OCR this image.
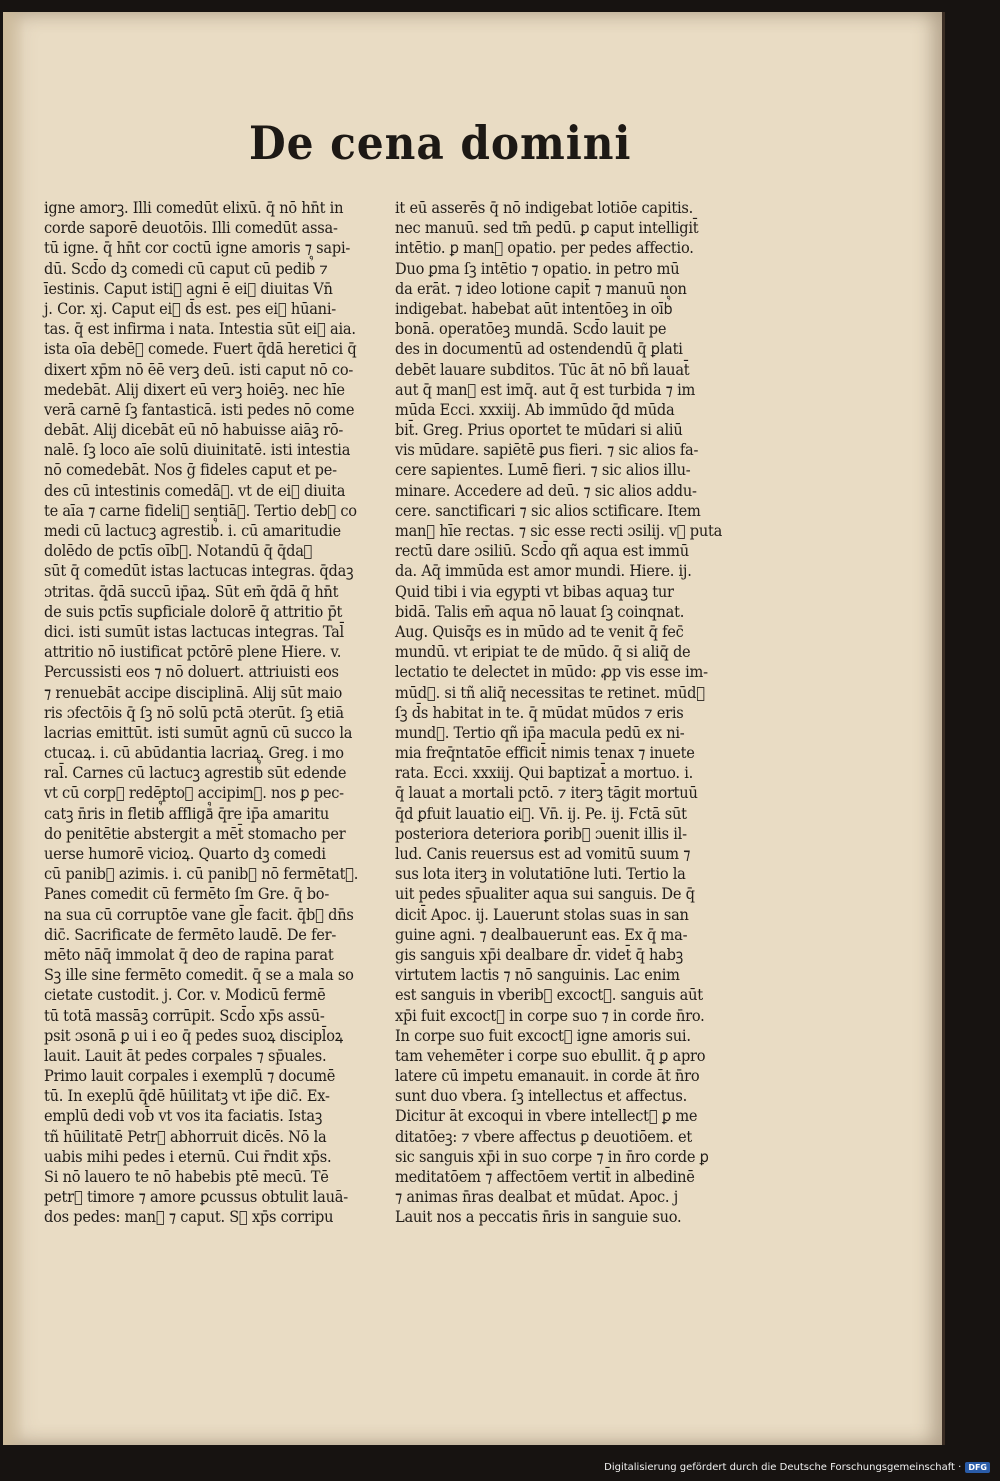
De cena domini
igne amorꝫ. Illi comedūt elixū. q̄ nō hn̄t in
corde saporē deuotōis. Illi comedūt assa-
tū igne. q̄ hn̄t cor coctū igne amoris ⁊ sapi-
dū. Scd̄o dꝫ comedi cū caput cū pedib᷒ ⁊
īestinis. Caput isti᷒ agni ē ei᷒ diuitas Vn̄
j. Cor. xj. Caput ei᷒ d̄s est. pes ei᷒ hūani-
tas. q̄ est infirma i nata. Intestia sūt ei᷒ aia.
ista oīa debē᷒ comede. Fuert q̄dā heretici q̄
dixert xp̄m nō ēē verꝫ deū. isti caput nō co-
medebāt. Alij dixert eū verꝫ hoiēꝫ. nec hīe
verā carnē ſꝫ fantasticā. isti pedes nō come
debāt. Alij dicebāt eū nō habuisse aiāꝫ rō-
nalē. ſꝫ loco aīe solū diuinitatē. isti intestia
nō comedebāt. Nos ḡ fideles caput et pe-
des cū intestinis comedā᷒. vt de ei᷒ diuita
te aīa ⁊ carne fideli᷒ sentiā᷒. Tertio debꝫ co
medi cū lactucꝫ agrestib᷒. i. cū amaritudie
dolēdo de pctīs oīb᷒. Notandū q̄ q̄daꝫ
sūt q̄ comedūt istas lactucas integras. q̄daꝫ
ɔtritas. q̄dā succū ip̄aꝝ. Sūt em̄ q̄dā q̄ hn̄t
de suis pctīs suꝑficiale dolorē q̄ attritio p̄t
dici. isti sumūt istas lactucas integras. Tal̄
attritio nō iustificat pctōrē plene Hiere. v.
Percussisti eos ⁊ nō doluert. attriuisti eos
⁊ renuebāt accipe disciplinā. Alij sūt maio
ris ɔfectōis q̄ ſꝫ nō solū pctā ɔterūt. ſꝫ etiā
lacrias emittūt. isti sumūt agnū cū succo la
ctucaꝝ. i. cū abūdantia lacriaꝝ. Greg. i mo
ral̄. Carnes cū lactucꝫ agrestib᷒ sūt edende
vt cū corp᷒ redēptoꝫ accipim᷒. nos ꝑ pec-
catꝫ n̄ris in fletib᷒ affligā᷒ q̄re ip̄a amaritu
do penitētie abstergit a mēt̄ stomacho per
uerse humorē vicioꝝ. Quarto dꝫ comedi
cū panib᷒ azimis. i. cū panib᷒ nō fermētatꝫ.
Panes comedit cū fermēto ſm Gre. q̄ bo-
na sua cū corruptōe vane gl̄e facit. q̄b᷒ dn̄s
dic̄. Sacrificate de fermēto laudē. De fer-
mēto nāq̄ immolat q̄ deo de rapina parat
Sꝫ ille sine fermēto comedit. q̄ se a mala so
cietate custodit. j. Cor. v. Modicū fermē
tū totā massāꝫ corrūpit. Scd̄o xp̄s assū-
psit ɔsonā ꝑ ui i eo q̄ pedes suoꝝ discipl̄oꝝ
lauit. Lauit āt pedes corpales ⁊ sp̄uales.
Primo lauit corpales i exemplū ⁊ documē
tū. In exeplū q̄dē hūilitatꝫ vt ip̄e dic̄. Ex-
emplū dedi vob̄ vt vos ita faciatis. Istaꝫ
tñ hūilitatē Petr᷒ abhorruit dicēs. Nō la
uabis mihi pedes i eternū. Cui r̄ndit xp̄s.
Si nō lauero te nō habebis ptē mecū. Tē
petr᷒ timore ⁊ amore ꝑcussus obtulit lauā-
dos pedes: man᷒ ⁊ caput. Sꝫ xp̄s corripu
it eū asserēs q̄ nō indigebat lotiōe capitis.
nec manuū. sed tm̄ pedū. ꝑ caput intelligit̄
intētio. ꝑ man᷒ opatio. per pedes affectio.
Duo ꝑma ſꝫ intētio ⁊ opatio. in petro mū
da erāt. ⁊ ideo lotione capit̄ ⁊ manuū non
indigebat. habebat aūt intentōeꝫ in oīb᷒
bonā. operatōeꝫ mundā. Scd̄o lauit pe
des in documentū ad ostendendū q̄ ꝑlati
debēt lauare subditos. Tūc āt nō bñ lauat̄
aut q̄ man᷒ est imq̄. aut q̄ est turbida ⁊ im
mūda Ecci. xxxiij. Ab immūdo q̄d mūda
bit̄. Greg. Prius oportet te mūdari si aliū
vis mūdare. sapiētē ꝑus fieri. ⁊ sic alios fa-
cere sapientes. Lumē fieri. ⁊ sic alios illu-
minare. Accedere ad deū. ⁊ sic alios addu-
cere. sanctificari ⁊ sic alios sctificare. Item
man᷒ hīe rectas. ⁊ sic esse recti ɔsilij. vꝫ puta
rectū dare ɔsiliū. Scd̄o qñ aqua est immū
da. Aq̄ immūda est amor mundi. Hiere. ij.
Quid tibi i via egypti vt bibas aquaꝫ tur
bidā. Talis em̄ aqua nō lauat ſꝫ coinqnat.
Aug. Quisq̄s es in mūdo ad te venit q̄ fec̄
mundū. vt eripiat te de mūdo. q̄ si aliq̄ de
lectatio te delectet in mūdo: ꝓp vis esse im-
mūd᷒. si tñ aliq̄ necessitas te retinet. mūd᷒
ſꝫ d̄s habitat in te. q̄ mūdat mūdos ⁊ eris
mund᷒. Tertio qñ ip̄a macula pedū ex ni-
mia freq̄ntatōe efficit̄ nimis tenax ⁊ inuete
rata. Ecci. xxxiij. Qui baptizat̄ a mortuo. i.
q̄ lauat a mortali pctō. ⁊ iterꝫ tāgit mortuū
q̄d ꝑfuit lauatio ei᷒. Vn̄. ij. Pe. ij. Fctā sūt
posteriora deteriora ꝑorib᷒ ɔuenit illis il-
lud. Canis reuersus est ad vomitū suum ⁊
sus lota iterꝫ in volutatiōne luti. Tertio la
uit pedes sp̄ualiter aqua sui sanguis. De q̄
dicit̄ Apoc. ij. Lauerunt stolas suas in san
guine agni. ⁊ dealbauerunt eas. Ex q̄ ma-
gis sanguis xp̄i dealbare d̄r. videt̄ q̄ habꝫ
virtutem lactis ⁊ nō sanguinis. Lac enim
est sanguis in vberib᷒ excoct᷒. sanguis aūt
xp̄i fuit excoct᷒ in corpe suo ⁊ in corde n̄ro.
In corpe suo fuit excoct᷒ igne amoris sui.
tam vehemēter i corpe suo ebullit. q̄ ꝑ apro
latere cū impetu emanauit. in corde āt n̄ro
sunt duo vbera. ſꝫ intellectus et affectus.
Dicitur āt excoqui in vbere intellect᷒ ꝑ me
ditatōeꝫ: ⁊ vbere affectus ꝑ deuotiōem. et
sic sanguis xp̄i in suo corpe ⁊ in n̄ro corde ꝑ
meditatōem ⁊ affectōem vertit̄ in albedinē
⁊ animas n̄ras dealbat et mūdat. Apoc. j
Lauit nos a peccatis n̄ris in sanguie suo.
Digitalisierung gefördert durch die Deutsche Forschungsgemeinschaft · DFG
